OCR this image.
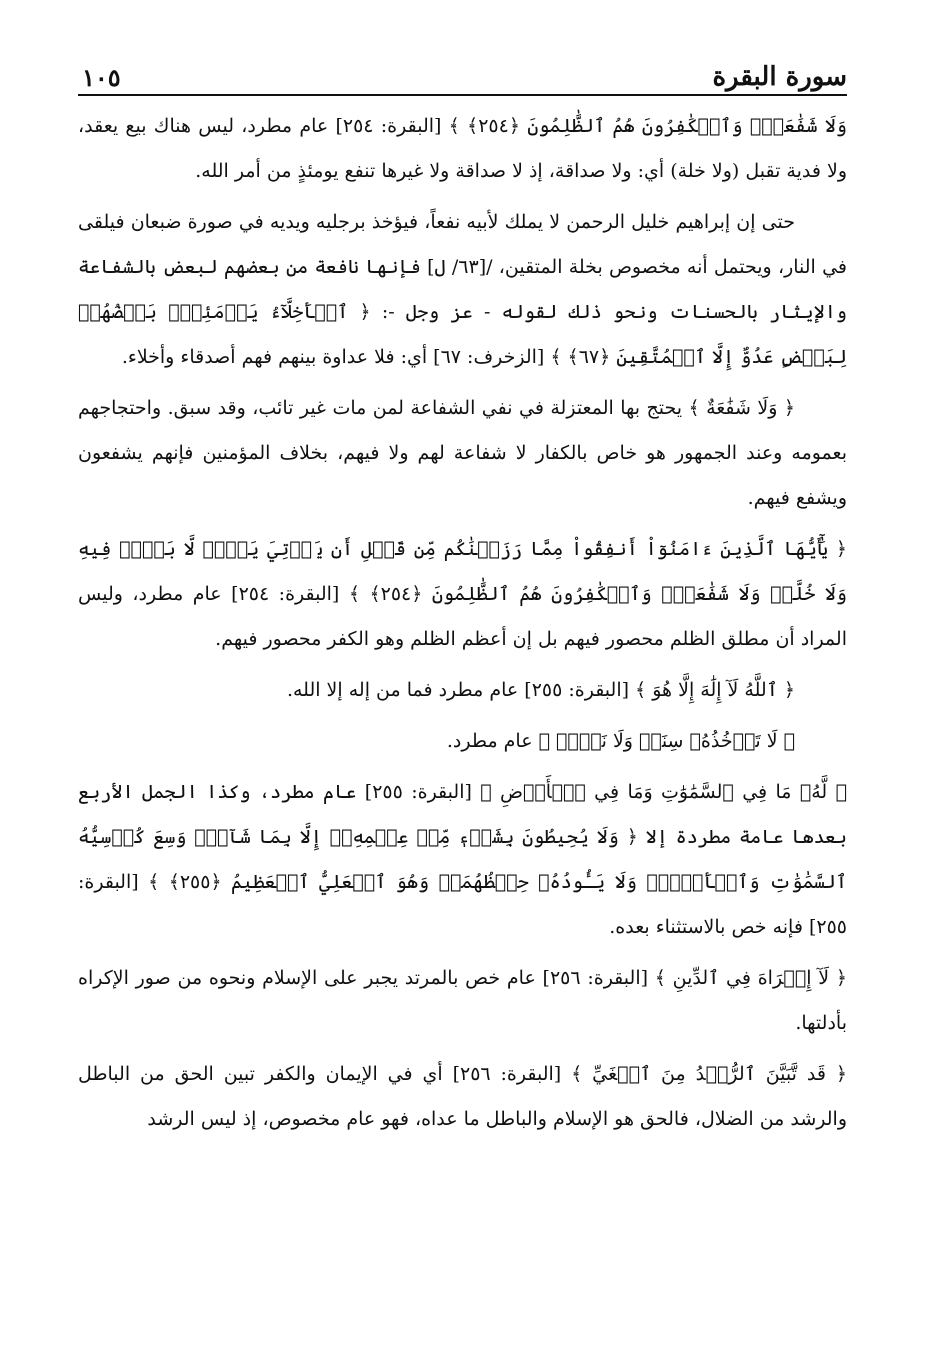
سورة البقرة
١٠٥

وَلَا شَفَٰعَةٌۗ وَٱلۡكَٰفِرُونَ هُمُ ٱلظَّٰلِمُونَ ﴿٢٥٤﴾ ﴾ [البقرة: ٢٥٤] عام مطرد، ليس هناك بيع يعقد، ولا فدية تقبل (ولا خلة) أي: ولا صداقة، إذ لا صداقة ولا غيرها تنفع يومئذٍ من أمر الله.

حتى إن إبراهيم خليل الرحمن لا يملك لأبيه نفعاً، فيؤخذ برجليه ويديه في صورة ضبعان فيلقى في النار، ويحتمل أنه مخصوص بخلة المتقين، /[٦٣/ ل] فإنها نافعة من بعضهم لبعض بالشفاعة والإيثار بالحسنات ونحو ذلك لقوله - عز وجل -: ﴿ ٱلۡأَخِلَّآءُ يَوۡمَئِذِۭ بَعۡضُهُمۡ لِبَعۡضٍ عَدُوٌّ إِلَّا ٱلۡمُتَّقِينَ ﴿٦٧﴾ ﴾ [الزخرف: ٦٧] أي: فلا عداوة بينهم فهم أصدقاء وأخلاء.

﴿ وَلَا شَفَٰعَةٌ ﴾ يحتج بها المعتزلة في نفي الشفاعة لمن مات غير تائب، وقد سبق. واحتجاجهم بعمومه وعند الجمهور هو خاص بالكفار لا شفاعة لهم ولا فيهم، بخلاف المؤمنين فإنهم يشفعون ويشفع فيهم.

﴿ يَٰٓأَيُّهَا ٱلَّذِينَ ءَامَنُوٓاْ أَنفِقُواْ مِمَّا رَزَقۡنَٰكُم مِّن قَبۡلِ أَن يَأۡتِيَ يَوۡمٞ لَّا بَيۡعٞ فِيهِ وَلَا خُلَّةٞ وَلَا شَفَٰعَةٌۗ وَٱلۡكَٰفِرُونَ هُمُ ٱلظَّٰلِمُونَ ﴿٢٥٤﴾ ﴾ [البقرة: ٢٥٤] عام مطرد، وليس المراد أن مطلق الظلم محصور فيهم بل إن أعظم الظلم وهو الكفر محصور فيهم.

﴿ ٱللَّهُ لَآ إِلَٰهَ إِلَّا هُوَ ﴾ [البقرة: ٢٥٥] عام مطرد فما من إله إلا الله.

﴿ لَا تَأۡخُذُهُۥ سِنَةٞ وَلَا نَوۡمٞ ﴾ عام مطرد.

﴿ لَّهُۥ مَا فِي ٱلسَّمَٰوَٰتِ وَمَا فِي ٱلۡأَرۡضِ ﴾ [البقرة: ٢٥٥] عام مطرد، وكذا الجمل الأربع بعدها عامة مطردة إلا ﴿ وَلَا يُحِيطُونَ بِشَيۡءٖ مِّنۡ عِلۡمِهِۦٓ إِلَّا بِمَا شَآءَۚ وَسِعَ كُرۡسِيُّهُ ٱلسَّمَٰوَٰتِ وَٱلۡأَرۡضَۖ وَلَا يَـُٔودُهُۥ حِفۡظُهُمَاۚ وَهُوَ ٱلۡعَلِيُّ ٱلۡعَظِيمُ ﴿٢٥٥﴾ ﴾ [البقرة: ٢٥٥] فإنه خص بالاستثناء بعده.

﴿ لَآ إِكۡرَاهَ فِي ٱلدِّينِ ﴾ [البقرة: ٢٥٦] عام خص بالمرتد يجبر على الإسلام ونحوه من صور الإكراه بأدلتها.

﴿ قَد تَّبَيَّنَ ٱلرُّشۡدُ مِنَ ٱلۡغَيِّ ﴾ [البقرة: ٢٥٦] أي في الإيمان والكفر تبين الحق من الباطل والرشد من الضلال، فالحق هو الإسلام والباطل ما عداه، فهو عام مخصوص، إذ ليس الرشد
